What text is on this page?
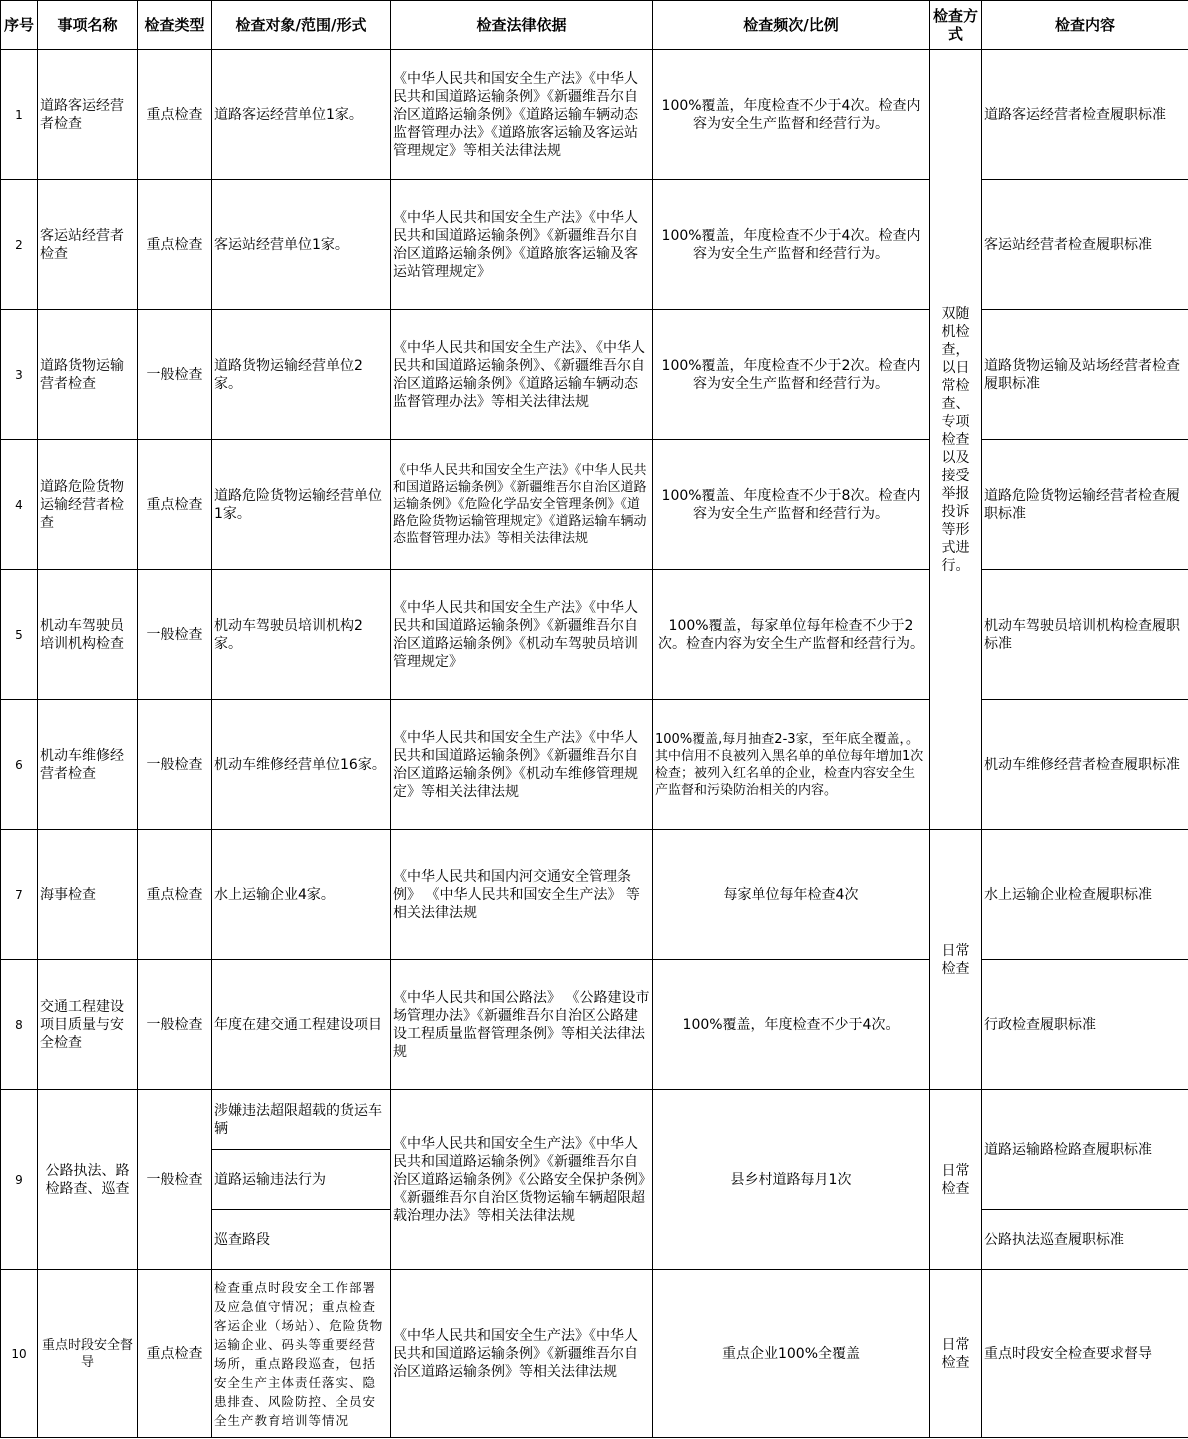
序号	事项名称	检查类型	检查对象/范围/形式	检查法律依据	检查频次/比例	检查方式	检查内容
1	道路客运经营者检查	重点检查	道路客运经营单位1家。	《中华人民共和国安全生产法》《中华人民共和国道路运输条例》《新疆维吾尔自治区道路运输条例》《道路运输车辆动态监督管理办法》《道路旅客运输及客运站管理规定》等相关法律法规	100%覆盖，年度检查不少于4次。检查内容为安全生产监督和经营行为。	双随机检查，以日常检查、专项检查以及接受举报投诉等形式进行。	道路客运经营者检查履职标准
2	客运站经营者检查	重点检查	客运站经营单位1家。	《中华人民共和国安全生产法》《中华人民共和国道路运输条例》《新疆维吾尔自治区道路运输条例》《道路旅客运输及客运站管理规定》	100%覆盖，年度检查不少于4次。检查内容为安全生产监督和经营行为。		客运站经营者检查履职标准
3	道路货物运输营者检查	一般检查	道路货物运输经营单位2家。	《中华人民共和国安全生产法》、《中华人民共和国道路运输条例》、《新疆维吾尔自治区道路运输条例》《道路运输车辆动态监督管理办法》等相关法律法规	100%覆盖，年度检查不少于2次。检查内容为安全生产监督和经营行为。		道路货物运输及站场经营者检查履职标准
4	道路危险货物运输经营者检查	重点检查	道路危险货物运输经营单位1家。	《中华人民共和国安全生产法》《中华人民共和国道路运输条例》《新疆维吾尔自治区道路运输条例》《危险化学品安全管理条例》《道路危险货物运输管理规定》《道路运输车辆动态监督管理办法》等相关法律法规	100%覆盖、年度检查不少于8次。检查内容为安全生产监督和经营行为。		道路危险货物运输经营者检查履职标准
5	机动车驾驶员培训机构检查	一般检查	机动车驾驶员培训机构2家。	《中华人民共和国安全生产法》《中华人民共和国道路运输条例》《新疆维吾尔自治区道路运输条例》《机动车驾驶员培训管理规定》	100%覆盖，每家单位每年检查不少于2次。检查内容为安全生产监督和经营行为。		机动车驾驶员培训机构检查履职标准
6	机动车维修经营者检查	一般检查	机动车维修经营单位16家。	《中华人民共和国安全生产法》《中华人民共和国道路运输条例》《新疆维吾尔自治区道路运输条例》《机动车维修管理规定》等相关法律法规	100%覆盖,每月抽查2-3家，至年底全覆盖，。其中信用不良被列入黑名单的单位每年增加1次检查；被列入红名单的企业，检查内容安全生产监督和污染防治相关的内容。		机动车维修经营者检查履职标准
7	海事检查	重点检查	水上运输企业4家。	《中华人民共和国内河交通安全管理条例》 《中华人民共和国安全生产法》 等相关法律法规	每家单位每年检查4次	日常检查	水上运输企业检查履职标准
8	交通工程建设项目质量与安全检查	一般检查	年度在建交通工程建设项目	《中华人民共和国公路法》 《公路建设市场管理办法》《新疆维吾尔自治区公路建设工程质量监督管理条例》等相关法律法规	100%覆盖，年度检查不少于4次。		行政检查履职标准
9	公路执法、路检路查、巡查	一般检查	涉嫌违法超限超载的货运车辆	《中华人民共和国安全生产法》《中华人民共和国道路运输条例》《新疆维吾尔自治区道路运输条例》《公路安全保护条例》《新疆维吾尔自治区货物运输车辆超限超载治理办法》等相关法律法规	县乡村道路每月1次	日常检查	道路运输路检路查履职标准
			道路运输违法行为				
			巡查路段				公路执法巡查履职标准
10	重点时段安全督导	重点检查	检查重点时段安全工作部署及应急值守情况；重点检查客运企业（场站）、危险货物运输企业、码头等重要经营场所，重点路段巡查，包括安全生产主体责任落实、隐患排查、风险防控、全员安全生产教育培训等情况	《中华人民共和国安全生产法》《中华人民共和国道路运输条例》《新疆维吾尔自治区道路运输条例》等相关法律法规	重点企业100%全覆盖	日常检查	重点时段安全检查要求督导
